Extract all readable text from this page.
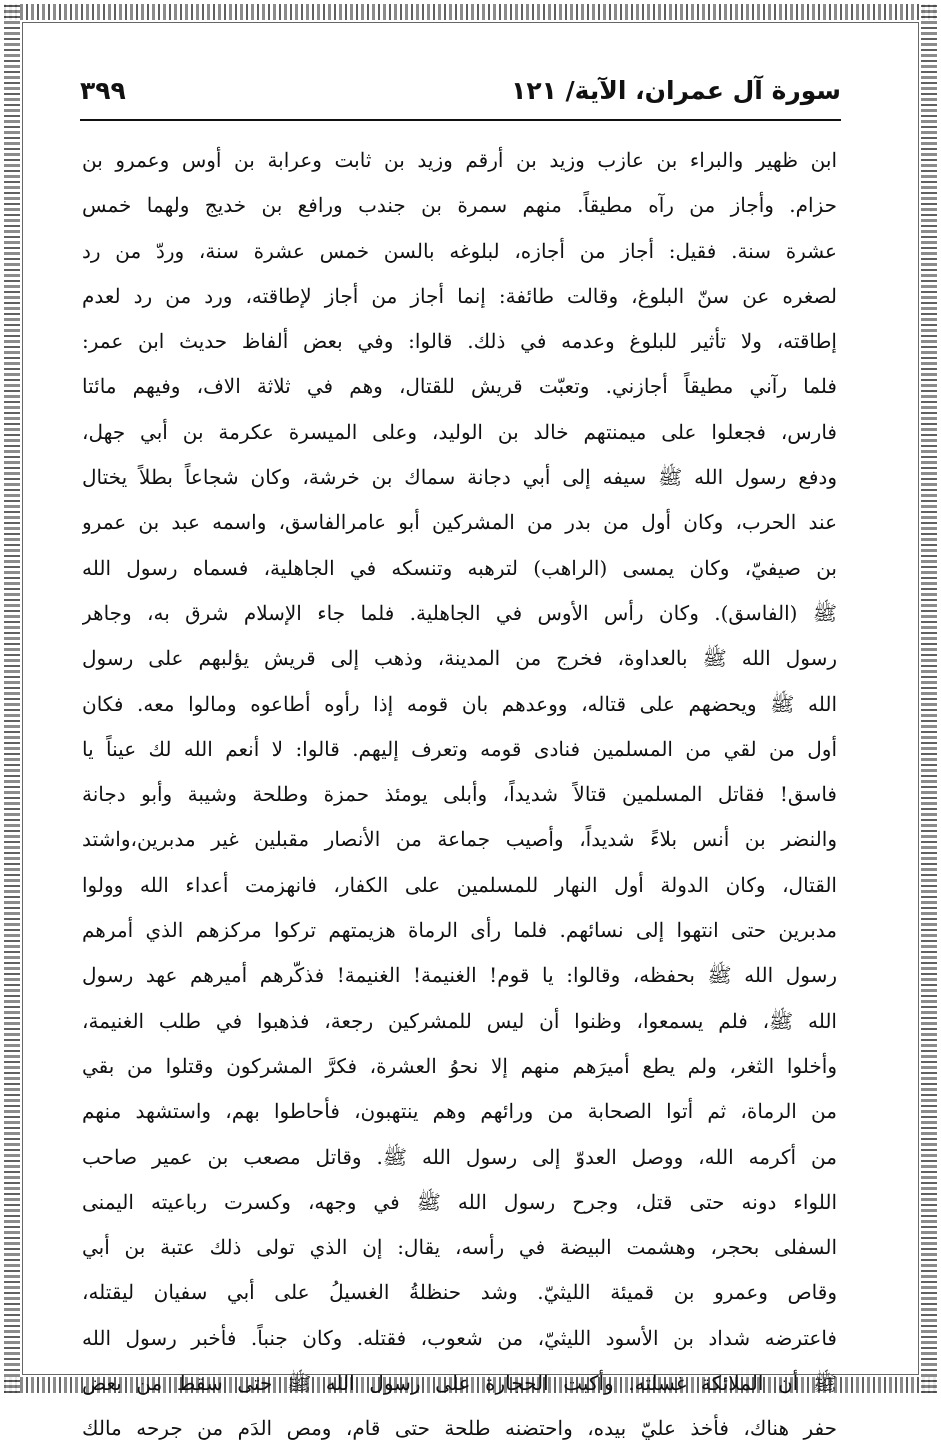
سورة آل عمران، الآية/ ١٢١
٣٩٩
ابن ظهير والبراء بن عازب وزيد بن أرقم وزيد بن ثابت وعرابة بن أوس وعمرو بن
حزام. وأجاز من رآه مطيقاً. منهم سمرة بن جندب ورافع بن خديج ولهما خمس
عشرة سنة. فقيل: أجاز من أجازه، لبلوغه بالسن خمس عشرة سنة، وردّ من رد
لصغره عن سنّ البلوغ، وقالت طائفة: إنما أجاز من أجاز لإطاقته، ورد من رد لعدم
إطاقته، ولا تأثير للبلوغ وعدمه في ذلك. قالوا: وفي بعض ألفاظ حديث ابن عمر:
فلما رآني مطيقاً أجازني. وتعبّت قريش للقتال، وهم في ثلاثة الاف، وفيهم مائتا
فارس، فجعلوا على ميمنتهم خالد بن الوليد، وعلى الميسرة عكرمة بن أبي جهل،
ودفع رسول الله ﷺ سيفه إلى أبي دجانة سماك بن خرشة، وكان شجاعاً بطلاً يختال
عند الحرب، وكان أول من بدر من المشركين أبو عامرالفاسق، واسمه عبد بن عمرو
بن صيفيّ، وكان يمسى (الراهب) لترهبه وتنسكه في الجاهلية، فسماه رسول الله
ﷺ (الفاسق). وكان رأس الأوس في الجاهلية. فلما جاء الإسلام شرق به، وجاهر
رسول الله ﷺ بالعداوة، فخرج من المدينة، وذهب إلى قريش يؤلبهم على رسول
الله ﷺ ويحضهم على قتاله، ووعدهم بان قومه إذا رأوه أطاعوه ومالوا معه. فكان
أول من لقي من المسلمين فنادى قومه وتعرف إليهم. قالوا: لا أنعم الله لك عيناً يا
فاسق! فقاتل المسلمين قتالاً شديداً، وأبلى يومئذ حمزة وطلحة وشيبة وأبو دجانة
والنضر بن أنس بلاءً شديداً، وأصيب جماعة من الأنصار مقبلين غير مدبرين،واشتد
القتال، وكان الدولة أول النهار للمسلمين على الكفار، فانهزمت أعداء الله وولوا
مدبرين حتى انتهوا إلى نسائهم. فلما رأى الرماة هزيمتهم تركوا مركزهم الذي أمرهم
رسول الله ﷺ بحفظه، وقالوا: يا قوم! الغنيمة! الغنيمة! فذكّرهم أميرهم عهد رسول
الله ﷺ، فلم يسمعوا، وظنوا أن ليس للمشركين رجعة، فذهبوا في طلب الغنيمة،
وأخلوا الثغر، ولم يطع أميرَهم منهم إلا نحوُ العشرة، فكرَّ المشركون وقتلوا من بقي
من الرماة، ثم أتوا الصحابة من ورائهم وهم ينتهبون، فأحاطوا بهم، واستشهد منهم
من أكرمه الله، ووصل العدوّ إلى رسول الله ﷺ. وقاتل مصعب بن عمير صاحب
اللواء دونه حتى قتل، وجرح رسول الله ﷺ في وجهه، وكسرت رباعيته اليمنى
السفلى بحجر، وهشمت البيضة في رأسه، يقال: إن الذي تولى ذلك عتبة بن أبي
وقاص وعمرو بن قميئة الليثيّ. وشد حنظلةُ الغسيلُ على أبي سفيان ليقتله،
فاعترضه شداد بن الأسود الليثيّ، من شعوب، فقتله. وكان جنباً. فأخبر رسول الله
ﷺ أن الملائكة غسلته. وأكبت الحجارة على رسول الله ﷺ حتى سقط من بعض
حفر هناك، فأخذ عليّ بيده، واحتضنه طلحة حتى قام، ومص الدَم من جرحه مالك
